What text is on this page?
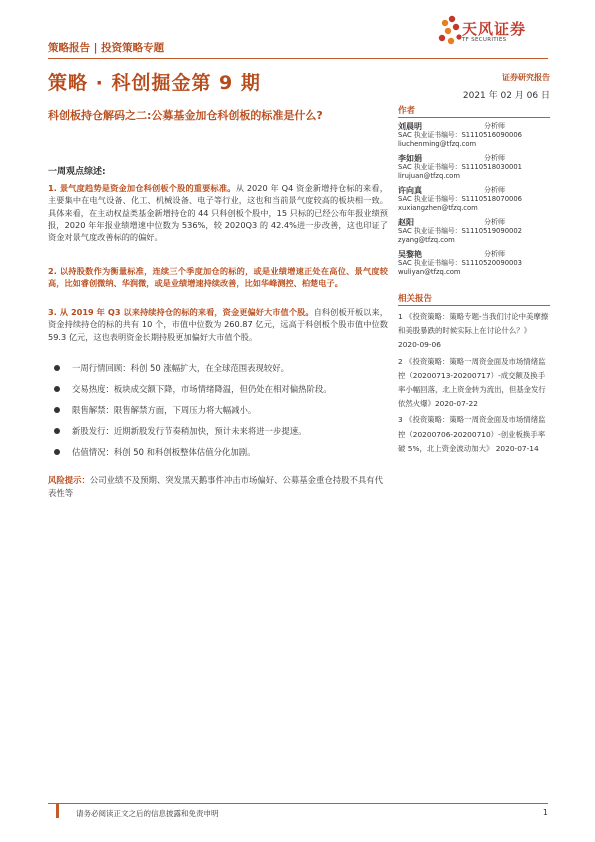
策略报告 | 投资策略专题
天风证券
TF SECURITIES
策略 · 科创掘金第 9 期	证券研究报告
2021 年 02 月 06 日
科创板持仓解码之二:公募基金加仓科创板的标准是什么?
一周观点综述:
1. 景气度趋势是资金加仓科创板个股的重要标准。从 2020 年 Q4 资金新增持仓标的来看，主要集中在电气设备、化工、机械设备、电子等行业，这也和当前景气度较高的板块相一致。具体来看，在主动权益类基金新增持仓的 44 只科创板个股中，15 只标的已经公布年报业绩预报，2020 年年报业绩增速中位数为 536%，较 2020Q3 的 42.4%进一步改善，这也印证了资金对景气度改善标的的偏好。
2. 以持股数作为衡量标准，连续三个季度加仓的标的，或是业绩增速正处在高位、景气度较高，比如睿创微纳、华润微，或是业绩增速持续改善，比如华峰测控、柏楚电子。
3. 从 2019 年 Q3 以来持续持仓的标的来看，资金更偏好大市值个股。自科创板开板以来，资金持续持仓的标的共有 10 个，市值中位数为 260.87 亿元，远高于科创板个股市值中位数 59.3 亿元，这也表明资金长期持股更加偏好大市值个股。
一周行情回顾：科创 50 涨幅扩大，在全球范围表现较好。
交易热度：板块成交额下降，市场情绪降温，但仍处在相对偏热阶段。
限售解禁：限售解禁方面，下周压力将大幅减小。
新股发行：近期新股发行节奏稍加快，预计未来将进一步提速。
估值情况：科创 50 和科创板整体估值分化加剧。
风险提示：公司业绩不及预期、突发黑天鹅事件冲击市场偏好、公募基金重仓持股不具有代表性等
作者
刘晨明	分析师
SAC 执业证书编号：S1110516090006
liuchenming@tfzq.com
李如娟	分析师
SAC 执业证书编号：S1110518030001
lirujuan@tfzq.com
许向真	分析师
SAC 执业证书编号：S1110518070006
xuxiangzhen@tfzq.com
赵阳	分析师
SAC 执业证书编号：S1110519090002
zyang@tfzq.com
吴黎艳	分析师
SAC 执业证书编号：S1110520090003
wuliyan@tfzq.com
相关报告
1 《投资策略：策略专题-当我们讨论中美摩擦和美股暴跌的时候实际上在讨论什么？》 2020-09-06
2 《投资策略：策略一周资金面及市场情绪监控（20200713-20200717）-成交额及换手率小幅回落，北上资金转为流出，但基金发行依然火爆》2020-07-22
3 《投资策略：策略一周资金面及市场情绪监控（20200706-20200710）-创业板换手率破 5%，北上资金波动加大》 2020-07-14
请务必阅读正文之后的信息披露和免责申明	1
